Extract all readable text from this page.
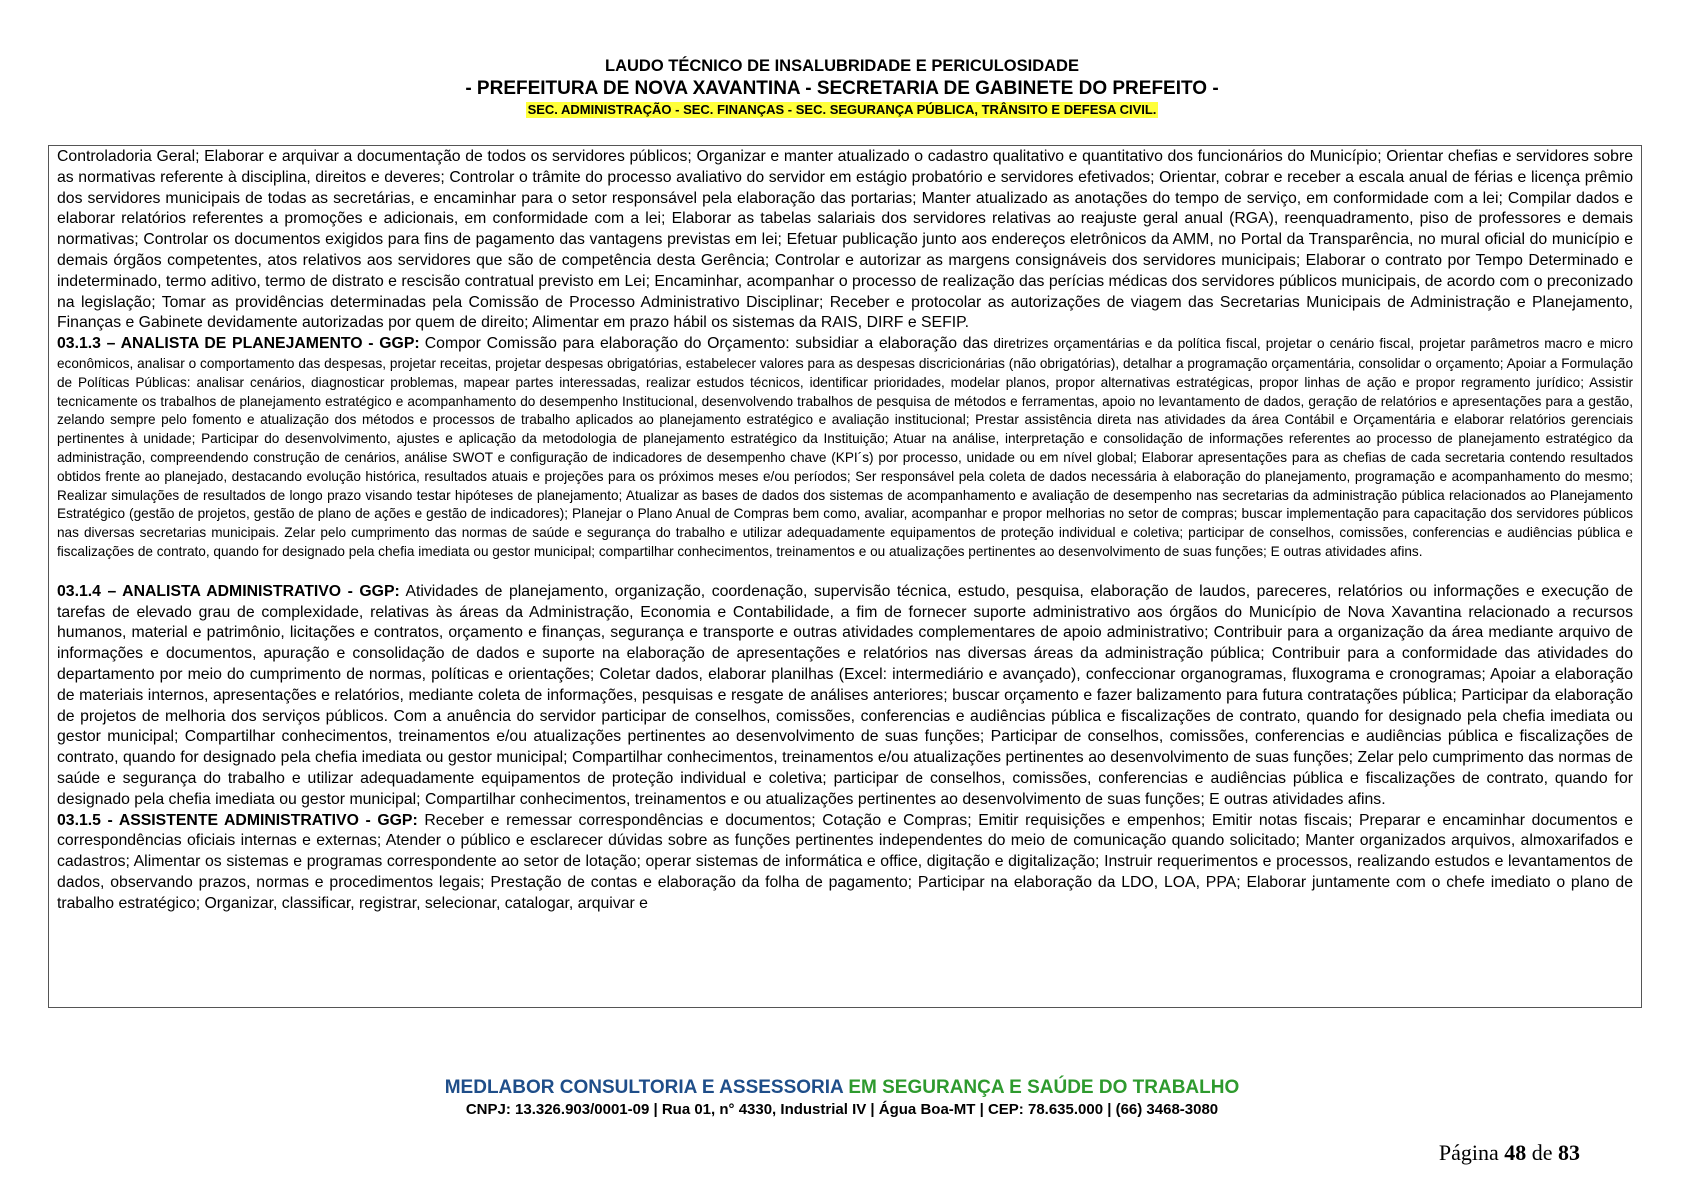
LAUDO TÉCNICO DE INSALUBRIDADE E PERICULOSIDADE
- PREFEITURA DE NOVA XAVANTINA - SECRETARIA DE GABINETE DO PREFEITO -
SEC. ADMINISTRAÇÃO - SEC. FINANÇAS - SEC. SEGURANÇA PÚBLICA, TRÂNSITO E DEFESA CIVIL.

Controladoria Geral; Elaborar e arquivar a documentação de todos os servidores públicos; Organizar e manter atualizado o cadastro qualitativo e quantitativo dos funcionários do Município; Orientar chefias e servidores sobre as normativas referente à disciplina, direitos e deveres; Controlar o trâmite do processo avaliativo do servidor em estágio probatório e servidores efetivados; Orientar, cobrar e receber a escala anual de férias e licença prêmio dos servidores municipais de todas as secretárias, e encaminhar para o setor responsável pela elaboração das portarias; Manter atualizado as anotações do tempo de serviço, em conformidade com a lei; Compilar dados e elaborar relatórios referentes a promoções e adicionais, em conformidade com a lei; Elaborar as tabelas salariais dos servidores relativas ao reajuste geral anual (RGA), reenquadramento, piso de professores e demais normativas; Controlar os documentos exigidos para fins de pagamento das vantagens previstas em lei; Efetuar publicação junto aos endereços eletrônicos da AMM, no Portal da Transparência, no mural oficial do município e demais órgãos competentes, atos relativos aos servidores que são de competência desta Gerência; Controlar e autorizar as margens consignáveis dos servidores municipais; Elaborar o contrato por Tempo Determinado e indeterminado, termo aditivo, termo de distrato e rescisão contratual previsto em Lei; Encaminhar, acompanhar o processo de realização das perícias médicas dos servidores públicos municipais, de acordo com o preconizado na legislação; Tomar as providências determinadas pela Comissão de Processo Administrativo Disciplinar; Receber e protocolar as autorizações de viagem das Secretarias Municipais de Administração e Planejamento, Finanças e Gabinete devidamente autorizadas por quem de direito; Alimentar em prazo hábil os sistemas da RAIS, DIRF e SEFIP.

03.1.3 – ANALISTA DE PLANEJAMENTO - GGP: Compor Comissão para elaboração do Orçamento: subsidiar a elaboração das diretrizes orçamentárias e da política fiscal, projetar o cenário fiscal, projetar parâmetros macro e micro econômicos, analisar o comportamento das despesas, projetar receitas, projetar despesas obrigatórias, estabelecer valores para as despesas discricionárias (não obrigatórias), detalhar a programação orçamentária, consolidar o orçamento; Apoiar a Formulação de Políticas Públicas: analisar cenários, diagnosticar problemas, mapear partes interessadas, realizar estudos técnicos, identificar prioridades, modelar planos, propor alternativas estratégicas, propor linhas de ação e propor regramento jurídico; Assistir tecnicamente os trabalhos de planejamento estratégico e acompanhamento do desempenho Institucional, desenvolvendo trabalhos de pesquisa de métodos e ferramentas, apoio no levantamento de dados, geração de relatórios e apresentações para a gestão, zelando sempre pelo fomento e atualização dos métodos e processos de trabalho aplicados ao planejamento estratégico e avaliação institucional; Prestar assistência direta nas atividades da área Contábil e Orçamentária e elaborar relatórios gerenciais pertinentes à unidade; Participar do desenvolvimento, ajustes e aplicação da metodologia de planejamento estratégico da Instituição; Atuar na análise, interpretação e consolidação de informações referentes ao processo de planejamento estratégico da administração, compreendendo construção de cenários, análise SWOT e configuração de indicadores de desempenho chave (KPI´s) por processo, unidade ou em nível global; Elaborar apresentações para as chefias de cada secretaria contendo resultados obtidos frente ao planejado, destacando evolução histórica, resultados atuais e projeções para os próximos meses e/ou períodos; Ser responsável pela coleta de dados necessária à elaboração do planejamento, programação e acompanhamento do mesmo; Realizar simulações de resultados de longo prazo visando testar hipóteses de planejamento; Atualizar as bases de dados dos sistemas de acompanhamento e avaliação de desempenho nas secretarias da administração pública relacionados ao Planejamento Estratégico (gestão de projetos, gestão de plano de ações e gestão de indicadores); Planejar o Plano Anual de Compras bem como, avaliar, acompanhar e propor melhorias no setor de compras; buscar implementação para capacitação dos servidores públicos nas diversas secretarias municipais. Zelar pelo cumprimento das normas de saúde e segurança do trabalho e utilizar adequadamente equipamentos de proteção individual e coletiva; participar de conselhos, comissões, conferencias e audiências pública e fiscalizações de contrato, quando for designado pela chefia imediata ou gestor municipal; compartilhar conhecimentos, treinamentos e ou atualizações pertinentes ao desenvolvimento de suas funções; E outras atividades afins.

03.1.4 – ANALISTA ADMINISTRATIVO - GGP: Atividades de planejamento, organização, coordenação, supervisão técnica, estudo, pesquisa, elaboração de laudos, pareceres, relatórios ou informações e execução de tarefas de elevado grau de complexidade, relativas às áreas da Administração, Economia e Contabilidade, a fim de fornecer suporte administrativo aos órgãos do Município de Nova Xavantina relacionado a recursos humanos, material e patrimônio, licitações e contratos, orçamento e finanças, segurança e transporte e outras atividades complementares de apoio administrativo; Contribuir para a organização da área mediante arquivo de informações e documentos, apuração e consolidação de dados e suporte na elaboração de apresentações e relatórios nas diversas áreas da administração pública; Contribuir para a conformidade das atividades do departamento por meio do cumprimento de normas, políticas e orientações; Coletar dados, elaborar planilhas (Excel: intermediário e avançado), confeccionar organogramas, fluxograma e cronogramas; Apoiar a elaboração de materiais internos, apresentações e relatórios, mediante coleta de informações, pesquisas e resgate de análises anteriores; buscar orçamento e fazer balizamento para futura contratações pública; Participar da elaboração de projetos de melhoria dos serviços públicos. Com a anuência do servidor participar de conselhos, comissões, conferencias e audiências pública e fiscalizações de contrato, quando for designado pela chefia imediata ou gestor municipal; Compartilhar conhecimentos, treinamentos e/ou atualizações pertinentes ao desenvolvimento de suas funções; Participar de conselhos, comissões, conferencias e audiências pública e fiscalizações de contrato, quando for designado pela chefia imediata ou gestor municipal; Compartilhar conhecimentos, treinamentos e/ou atualizações pertinentes ao desenvolvimento de suas funções; Zelar pelo cumprimento das normas de saúde e segurança do trabalho e utilizar adequadamente equipamentos de proteção individual e coletiva; participar de conselhos, comissões, conferencias e audiências pública e fiscalizações de contrato, quando for designado pela chefia imediata ou gestor municipal; Compartilhar conhecimentos, treinamentos e ou atualizações pertinentes ao desenvolvimento de suas funções; E outras atividades afins.

03.1.5 - ASSISTENTE ADMINISTRATIVO - GGP: Receber e remessar correspondências e documentos; Cotação e Compras; Emitir requisições e empenhos; Emitir notas fiscais; Preparar e encaminhar documentos e correspondências oficiais internas e externas; Atender o público e esclarecer dúvidas sobre as funções pertinentes independentes do meio de comunicação quando solicitado; Manter organizados arquivos, almoxarifados e cadastros; Alimentar os sistemas e programas correspondente ao setor de lotação; operar sistemas de informática e office, digitação e digitalização; Instruir requerimentos e processos, realizando estudos e levantamentos de dados, observando prazos, normas e procedimentos legais; Prestação de contas e elaboração da folha de pagamento; Participar na elaboração da LDO, LOA, PPA; Elaborar juntamente com o chefe imediato o plano de trabalho estratégico; Organizar, classificar, registrar, selecionar, catalogar, arquivar e

MEDLABOR CONSULTORIA E ASSESSORIA EM SEGURANÇA E SAÚDE DO TRABALHO
CNPJ: 13.326.903/0001-09 | Rua 01, n° 4330, Industrial IV | Água Boa-MT | CEP: 78.635.000 | (66) 3468-3080
Página 48 de 83
